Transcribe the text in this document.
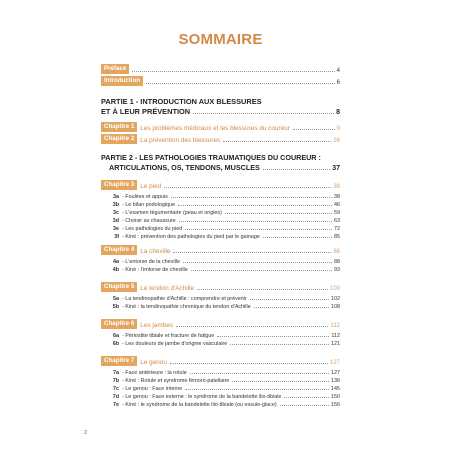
SOMMAIRE
Préface	4
Introduction	6
PARTIE 1 - INTRODUCTION AUX BLESSURES
ET À LEUR PRÉVENTION	8
Chapitre 1 Les problèmes médicaux et les blessures du coureur	9
Chapitre 2 La prévention des blessures	26
PARTIE 2 - LES PATHOLOGIES TRAUMATIQUES DU COUREUR :
ARTICULATIONS, OS, TENDONS, MUSCLES	37
Chapitre 3 Le pied	38
3a - Foulées et appuis	38
3b - Le bilan podologique	46
3c - L'examen tégumentaire (peau et ongles)	59
3d - Choisir sa chaussure	63
3e - Les pathologies du pied	72
3f - Kiné : prévention des pathologies du pied par le gainage	85
Chapitre 4 La cheville	88
4a - L'entorse de la cheville	88
4b - Kiné : l'entorse de cheville	93
Chapitre 5 Le tendon d'Achille	100
5a - La tendinopathie d'Achille : comprendre et prévenir	102
5b - Kiné : la tendinopathie chronique du tendon d'Achille	108
Chapitre 6 Les jambes	112
6a - Périostite tibiale et fracture de fatigue	112
6b - Les douleurs de jambe d'origine vasculaire	121
Chapitre 7 Le genou	127
7a - Face antérieure : la rotule	127
7b - Kiné : Rotule et syndrome fémoro-patellaire	136
7c - Le genou : Face interne	145
7d - Le genou : Face externe : le syndrome de la bandelette ilio-tibiale	150
7e - Kiné : le syndrome de la bandelette ilio-tibiale (ou essuie-glace)	156
2
